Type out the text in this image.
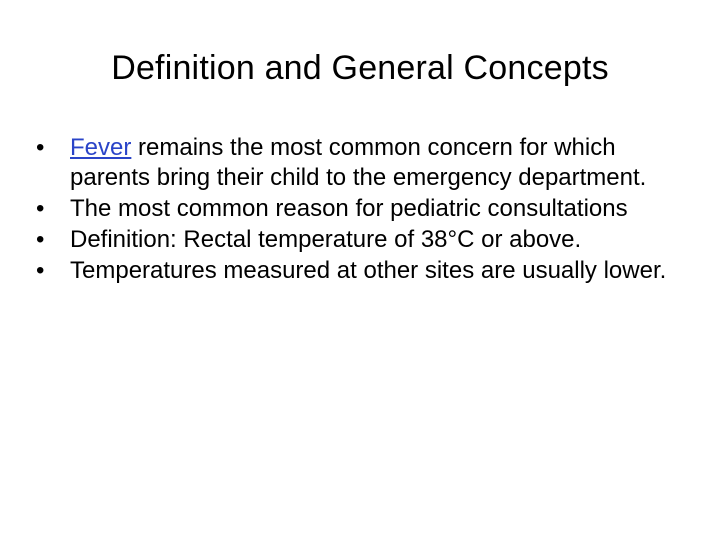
Definition and General Concepts
•	Fever remains the most common concern for which parents bring their child to the emergency department.
•	The most common reason for pediatric consultations
•	Definition: Rectal temperature of 38°C or above.
•	Temperatures measured at other sites are usually lower.
